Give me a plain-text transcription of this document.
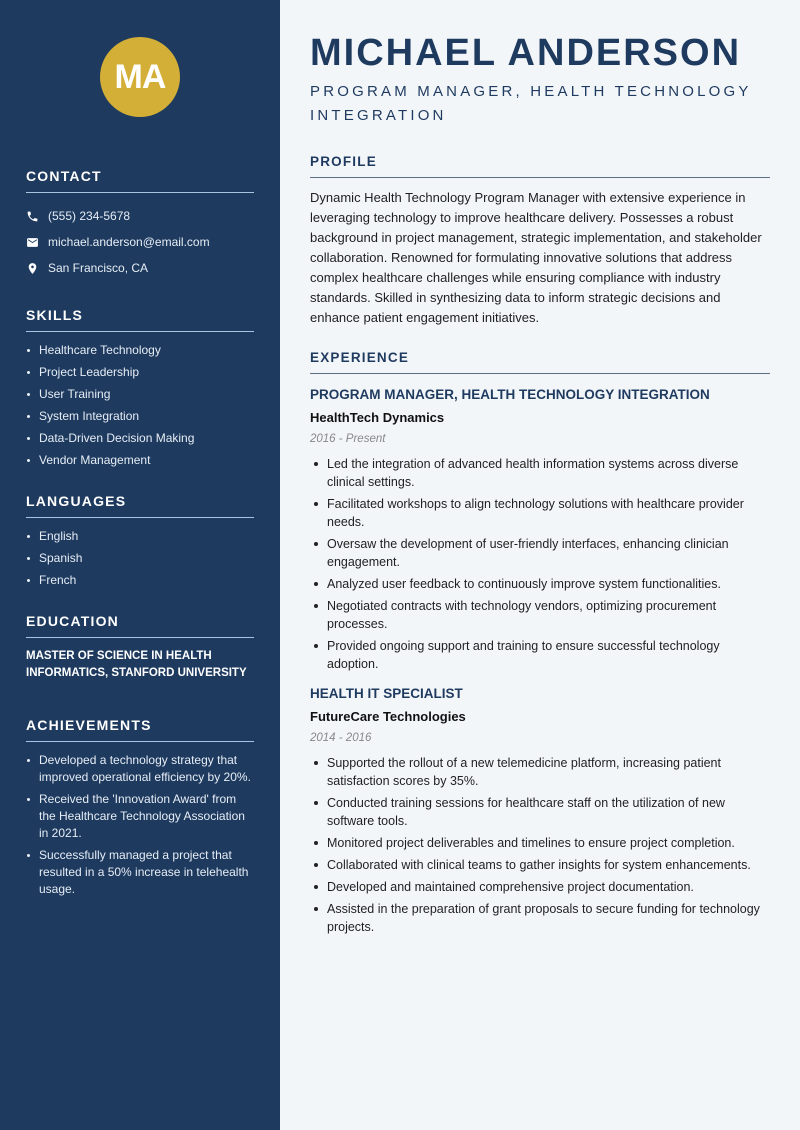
MA
CONTACT
(555) 234-5678
michael.anderson@email.com
San Francisco, CA
SKILLS
Healthcare Technology
Project Leadership
User Training
System Integration
Data-Driven Decision Making
Vendor Management
LANGUAGES
English
Spanish
French
EDUCATION
MASTER OF SCIENCE IN HEALTH INFORMATICS, STANFORD UNIVERSITY
ACHIEVEMENTS
Developed a technology strategy that improved operational efficiency by 20%.
Received the 'Innovation Award' from the Healthcare Technology Association in 2021.
Successfully managed a project that resulted in a 50% increase in telehealth usage.
MICHAEL ANDERSON
PROGRAM MANAGER, HEALTH TECHNOLOGY INTEGRATION
PROFILE
Dynamic Health Technology Program Manager with extensive experience in leveraging technology to improve healthcare delivery. Possesses a robust background in project management, strategic implementation, and stakeholder collaboration. Renowned for formulating innovative solutions that address complex healthcare challenges while ensuring compliance with industry standards. Skilled in synthesizing data to inform strategic decisions and enhance patient engagement initiatives.
EXPERIENCE
PROGRAM MANAGER, HEALTH TECHNOLOGY INTEGRATION
HealthTech Dynamics
2016 - Present
Led the integration of advanced health information systems across diverse clinical settings.
Facilitated workshops to align technology solutions with healthcare provider needs.
Oversaw the development of user-friendly interfaces, enhancing clinician engagement.
Analyzed user feedback to continuously improve system functionalities.
Negotiated contracts with technology vendors, optimizing procurement processes.
Provided ongoing support and training to ensure successful technology adoption.
HEALTH IT SPECIALIST
FutureCare Technologies
2014 - 2016
Supported the rollout of a new telemedicine platform, increasing patient satisfaction scores by 35%.
Conducted training sessions for healthcare staff on the utilization of new software tools.
Monitored project deliverables and timelines to ensure project completion.
Collaborated with clinical teams to gather insights for system enhancements.
Developed and maintained comprehensive project documentation.
Assisted in the preparation of grant proposals to secure funding for technology projects.
